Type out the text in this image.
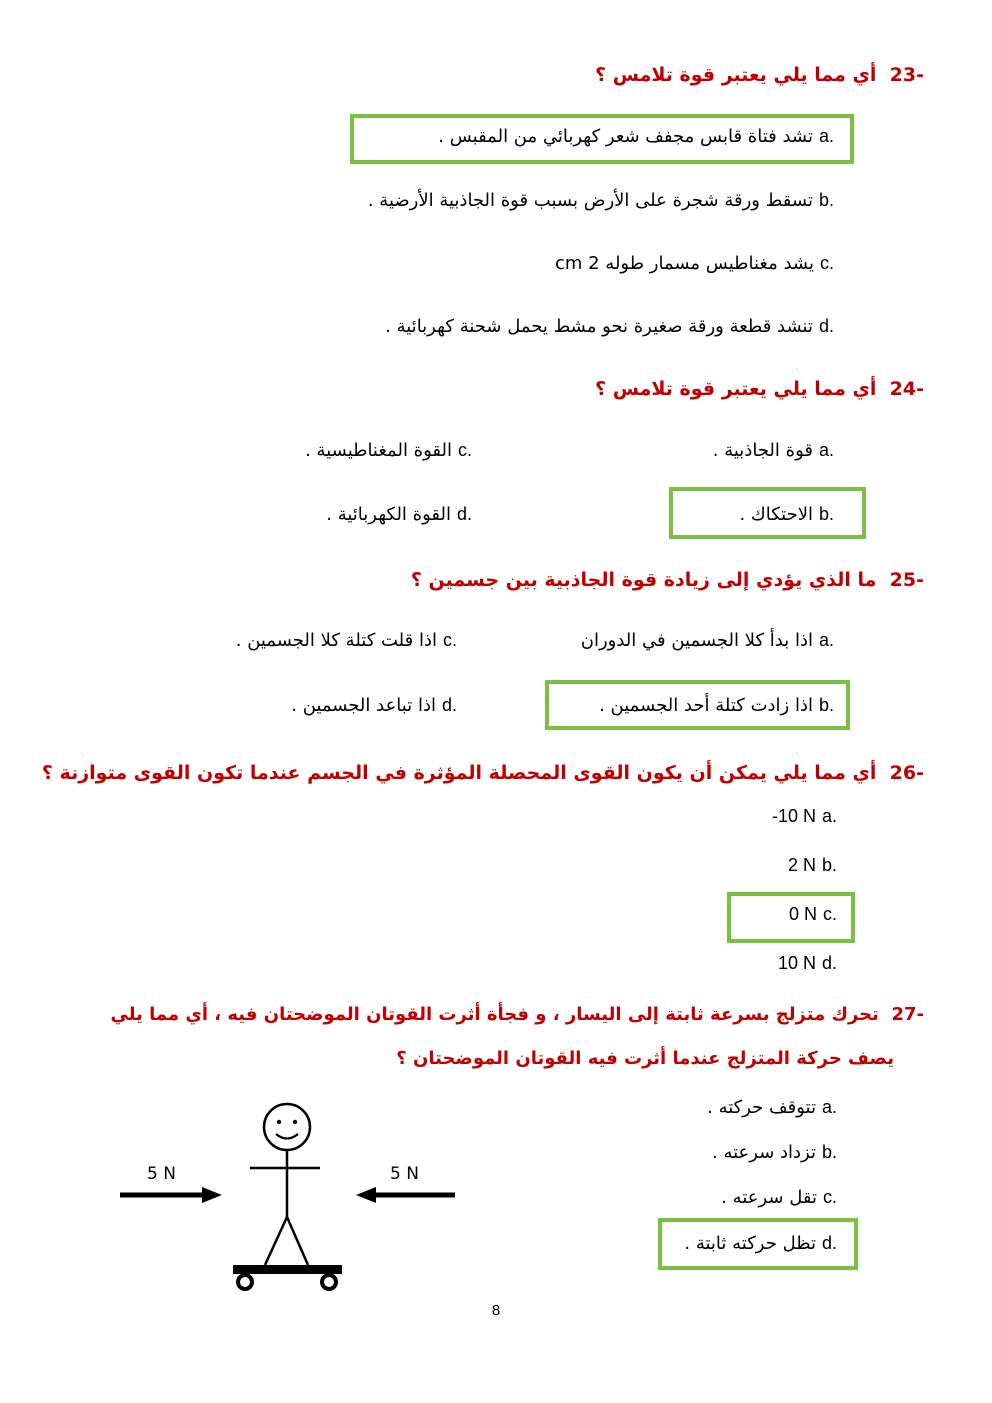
23-  أي مما يلي يعتبر قوة تلامس ؟
a.تشد فتاة قابس مجفف شعر كهربائي من المقبس .
b.تسقط ورقة شجرة على الأرض بسبب قوة الجاذبية الأرضية .
c.يشد مغناطيس مسمار طوله 2 cm
d.تنشد قطعة ورقة صغيرة نحو مشط يحمل شحنة كهربائية .
24-  أي مما يلي يعتبر قوة تلامس ؟
a.قوة الجاذبية .
c.القوة المغناطيسية .
b.الاحتكاك .
d.القوة الكهربائية .
25-  ما الذي يؤدي إلى زيادة قوة الجاذبية بين جسمين ؟
a.اذا بدأ كلا الجسمين في الدوران
c.اذا قلت كتلة كلا الجسمين .
b.اذا زادت كتلة أحد الجسمين .
d.اذا تباعد الجسمين .
26-  أي مما يلي يمكن أن يكون القوى المحصلة المؤثرة في الجسم عندما تكون القوى متوازنة ؟
a.-10 N
b.2 N
c.0 N
d.10 N
27-  تحرك متزلج بسرعة ثابتة إلى اليسار ، و فجأة أثرت القوتان الموضحتان فيه ، أي مما يلي
يصف حركة المتزلج عندما أثرت فيه القوتان الموضحتان ؟
a.تتوقف حركته .
b.تزداد سرعته .
c.تقل سرعته .
d.تظل حركته ثابتة .
5 N	5 N
8
